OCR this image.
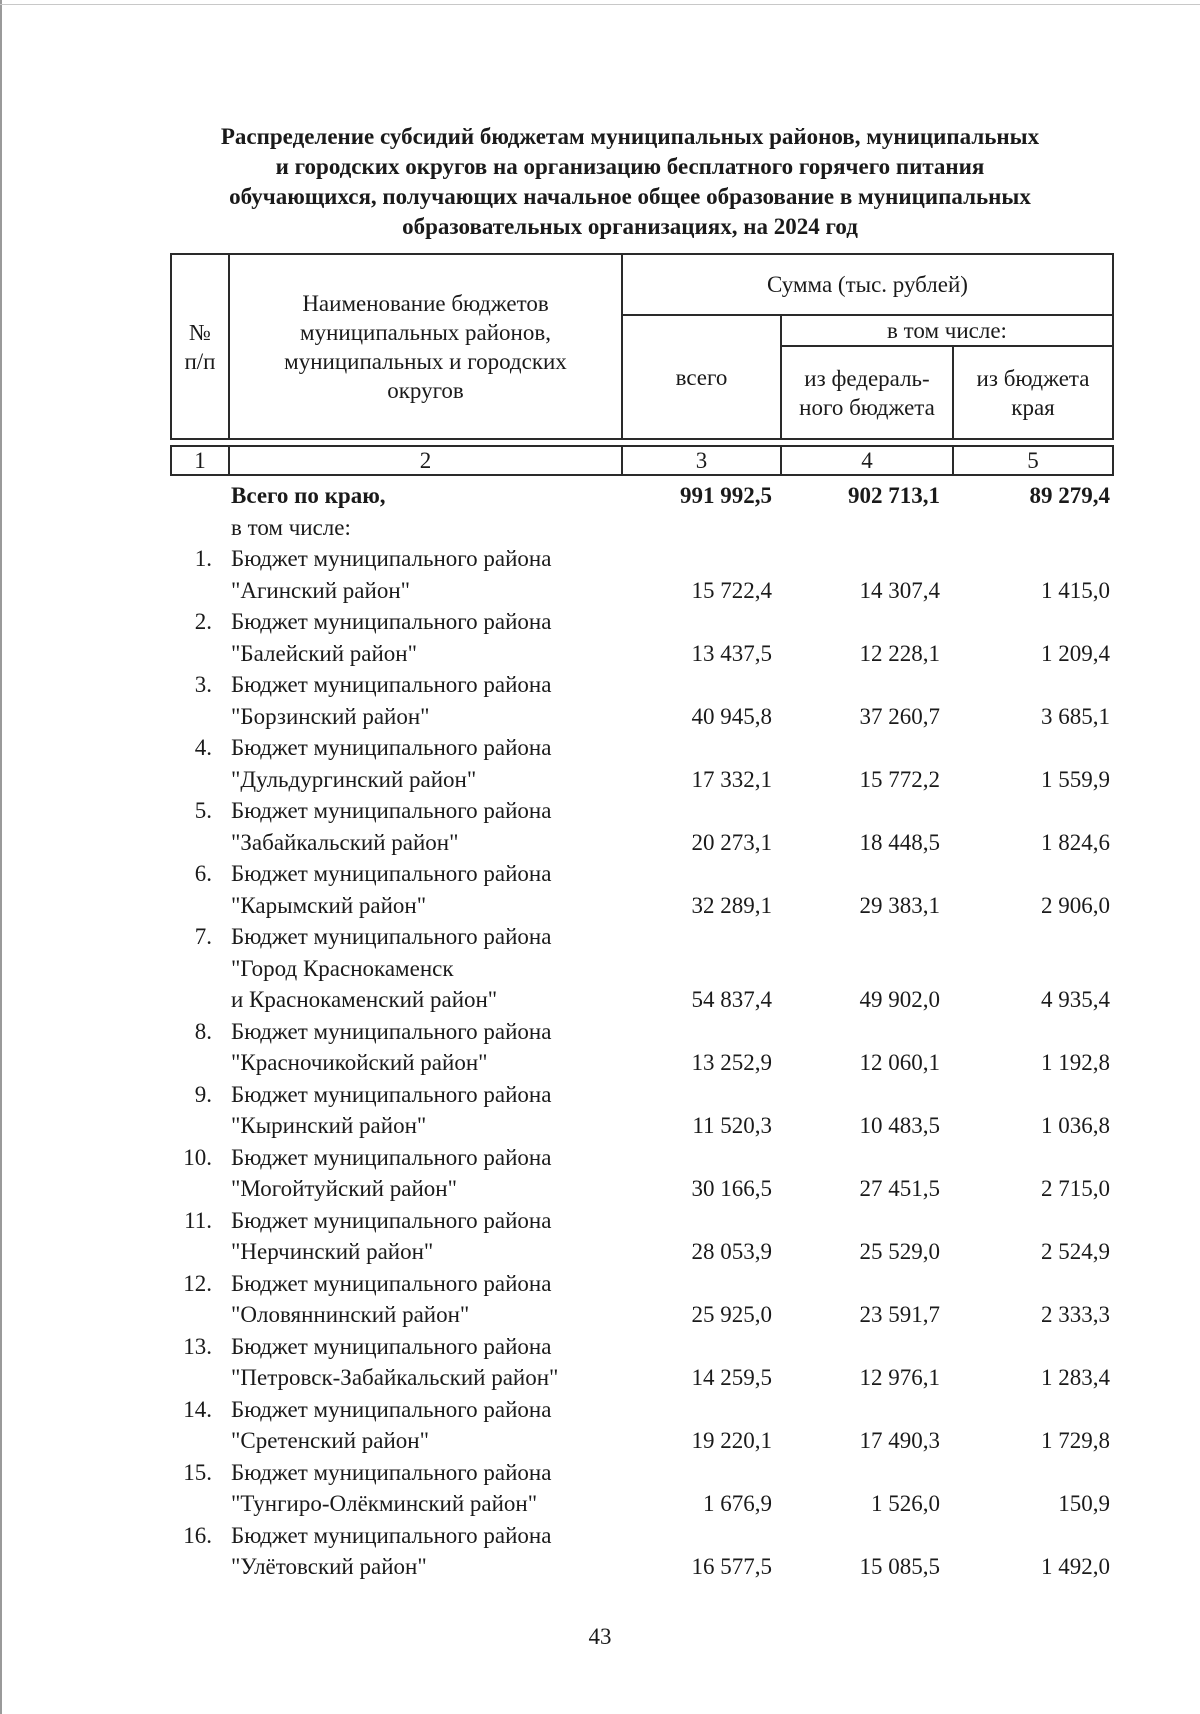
Распределение субсидий бюджетам муниципальных районов, муниципальных
и городских округов на организацию бесплатного горячего питания
обучающихся, получающих начальное общее образование в муниципальных
образовательных организациях, на 2024 год
№ п/п	Наименование бюджетов муниципальных районов, муниципальных и городских округов	Сумма (тыс. рублей)		
		всего	в том числе:	
			из федераль-ного бюджета	из бюджета края
1	2	3	4	5
Всего по краю,	991 992,5	902 713,1	89 279,4
в том числе:
1. Бюджет муниципального района
"Агинский район"	15 722,4	14 307,4	1 415,0
2. Бюджет муниципального района
"Балейский район"	13 437,5	12 228,1	1 209,4
3. Бюджет муниципального района
"Борзинский район"	40 945,8	37 260,7	3 685,1
4. Бюджет муниципального района
"Дульдургинский район"	17 332,1	15 772,2	1 559,9
5. Бюджет муниципального района
"Забайкальский район"	20 273,1	18 448,5	1 824,6
6. Бюджет муниципального района
"Карымский район"	32 289,1	29 383,1	2 906,0
7. Бюджет муниципального района
"Город Краснокаменск
и Краснокаменский район"	54 837,4	49 902,0	4 935,4
8. Бюджет муниципального района
"Красночикойский район"	13 252,9	12 060,1	1 192,8
9. Бюджет муниципального района
"Кыринский район"	11 520,3	10 483,5	1 036,8
10. Бюджет муниципального района
"Могойтуйский район"	30 166,5	27 451,5	2 715,0
11. Бюджет муниципального района
"Нерчинский район"	28 053,9	25 529,0	2 524,9
12. Бюджет муниципального района
"Оловяннинский район"	25 925,0	23 591,7	2 333,3
13. Бюджет муниципального района
"Петровск-Забайкальский район"	14 259,5	12 976,1	1 283,4
14. Бюджет муниципального района
"Сретенский район"	19 220,1	17 490,3	1 729,8
15. Бюджет муниципального района
"Тунгиро-Олёкминский район"	1 676,9	1 526,0	150,9
16. Бюджет муниципального района
"Улётовский район"	16 577,5	15 085,5	1 492,0
43
